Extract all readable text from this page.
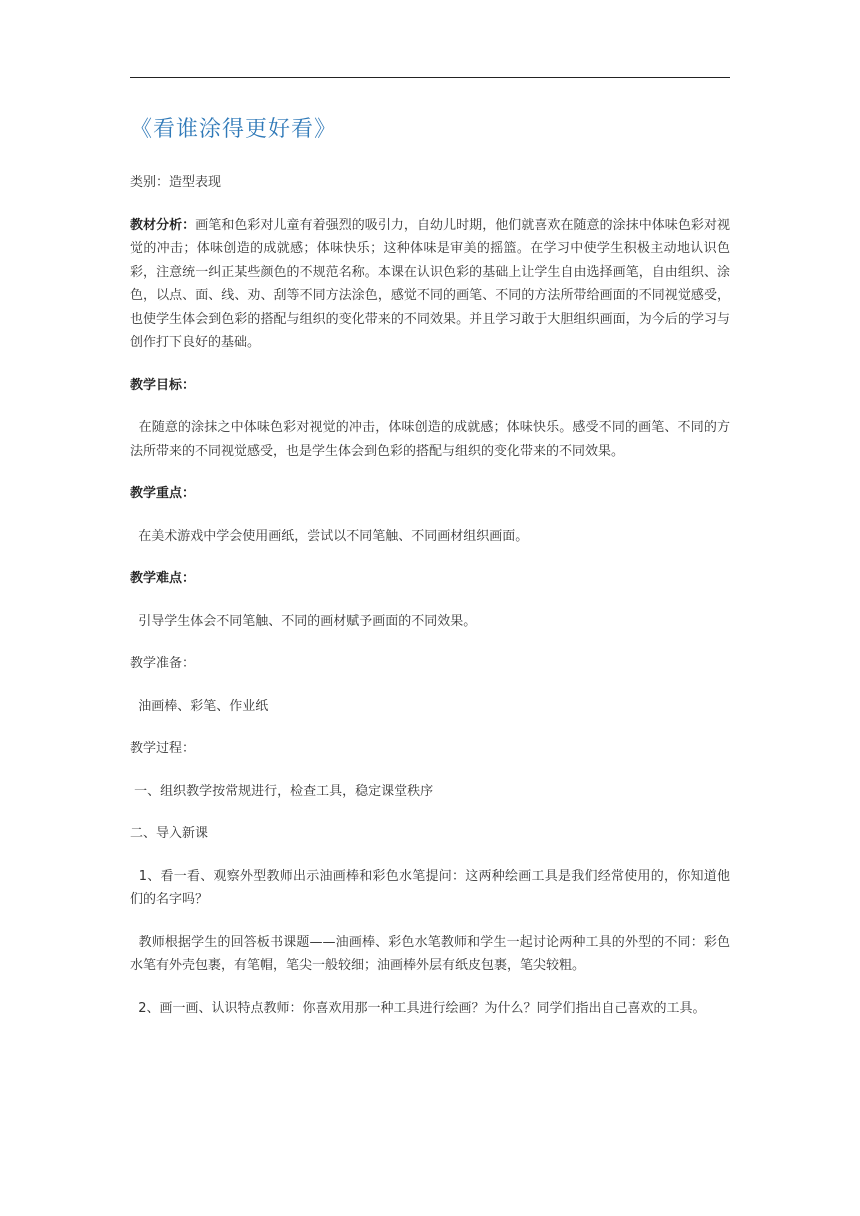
《看谁涂得更好看》

类别：造型表现

教材分析：画笔和色彩对儿童有着强烈的吸引力，自幼儿时期，他们就喜欢在随意的涂抹中体味色彩对视觉的冲击；体味创造的成就感；体味快乐；这种体味是审美的摇篮。在学习中使学生积极主动地认识色彩，注意统一纠正某些颜色的不规范名称。本课在认识色彩的基础上让学生自由选择画笔，自由组织、涂色，以点、面、线、劝、刮等不同方法涂色，感觉不同的画笔、不同的方法所带给画面的不同视觉感受，也使学生体会到色彩的搭配与组织的变化带来的不同效果。并且学习敢于大胆组织画面，为今后的学习与创作打下良好的基础。

教学目标：

在随意的涂抹之中体味色彩对视觉的冲击，体味创造的成就感；体味快乐。感受不同的画笔、不同的方法所带来的不同视觉感受，也是学生体会到色彩的搭配与组织的变化带来的不同效果。

教学重点：

在美术游戏中学会使用画纸，尝试以不同笔触、不同画材组织画面。

教学难点：

引导学生体会不同笔触、不同的画材赋予画面的不同效果。

教学准备：

油画棒、彩笔、作业纸

教学过程：

一、组织教学按常规进行，检查工具，稳定课堂秩序

二、导入新课

1、看一看、观察外型教师出示油画棒和彩色水笔提问：这两种绘画工具是我们经常使用的，你知道他们的名字吗？

教师根据学生的回答板书课题——油画棒、彩色水笔教师和学生一起讨论两种工具的外型的不同：彩色水笔有外壳包裹，有笔帽，笔尖一般较细；油画棒外层有纸皮包裹，笔尖较粗。

2、画一画、认识特点教师：你喜欢用那一种工具进行绘画？为什么？同学们指出自己喜欢的工具。
